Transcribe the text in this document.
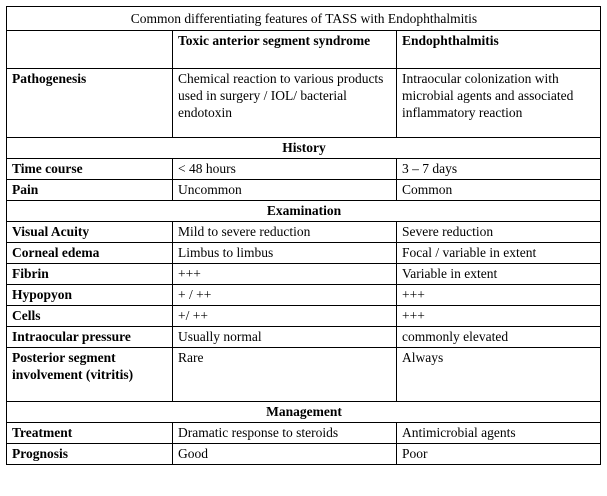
Common differentiating features of TASS with Endophthalmitis		
	Toxic anterior segment syndrome	Endophthalmitis
Pathogenesis	Chemical reaction to various products used in surgery / IOL/ bacterial endotoxin	Intraocular colonization with microbial agents and associated inflammatory reaction
History		
Time course	< 48 hours	3 – 7 days
Pain	Uncommon	Common
Examination		
Visual Acuity	Mild to severe reduction	Severe reduction
Corneal edema	Limbus to limbus	Focal / variable in extent
Fibrin	+++	Variable in extent
Hypopyon	+ / ++	+++
Cells	+/ ++	+++
Intraocular pressure	Usually normal	commonly elevated
Posterior segment involvement (vitritis)	Rare	Always
Management		
Treatment	Dramatic response to steroids	Antimicrobial agents
Prognosis	Good	Poor
